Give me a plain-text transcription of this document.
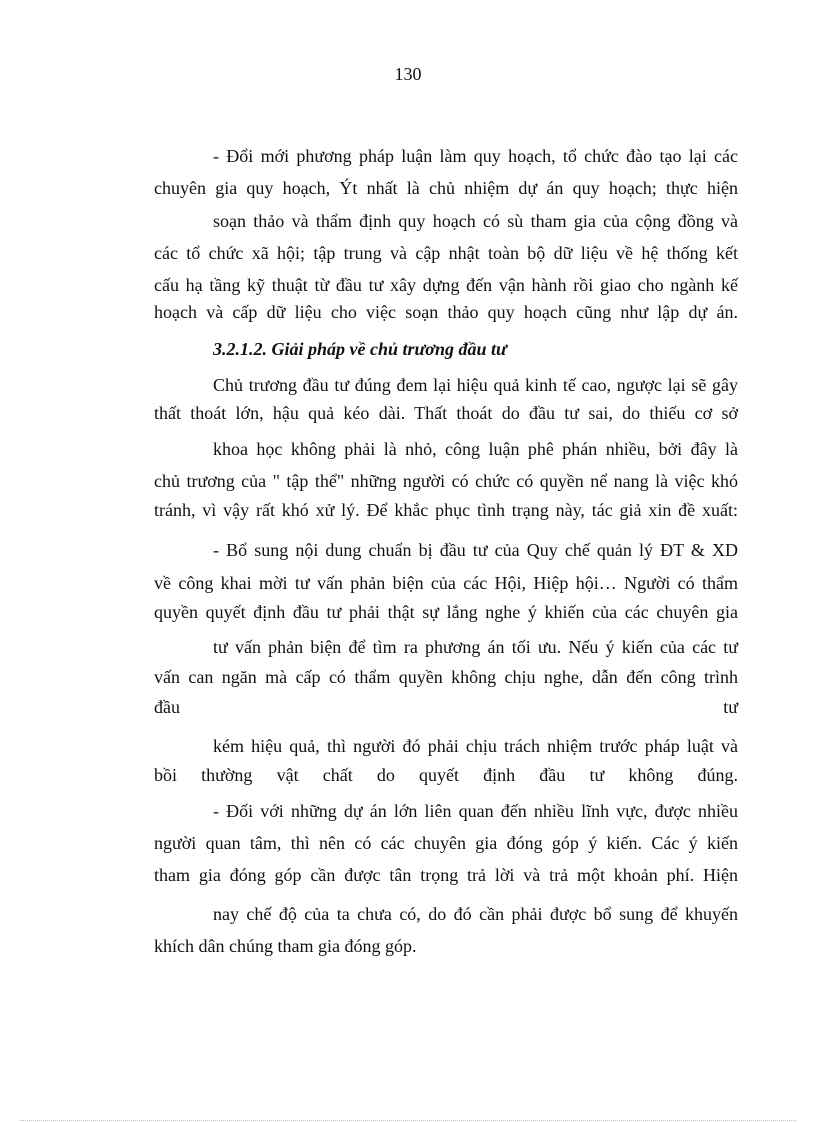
130
- Đổi mới phương pháp luận làm quy hoạch, tổ chức đào tạo lại các
chuyên gia quy hoạch, Ýt nhất là chủ nhiệm dự án quy hoạch; thực hiện
soạn thảo và thẩm định quy hoạch có sù tham gia của cộng đồng và
các tổ chức xã hội; tập trung và cập nhật toàn bộ dữ liệu về hệ thống kết
cấu hạ tầng kỹ thuật từ đầu tư xây dựng đến vận hành rồi giao cho ngành kế
hoạch và cấp dữ liệu cho việc soạn thảo quy hoạch cũng như lập dự án.
3.2.1.2. Giải pháp về chủ trương đầu tư
Chủ trương đầu tư đúng đem lại hiệu quả kinh tế cao, ngược lại sẽ gây
thất thoát lớn, hậu quả kéo dài. Thất thoát do đầu tư sai, do thiếu cơ sở
khoa học không phải là nhỏ, công luận phê phán nhiều, bởi đây là
chủ trương của " tập thể" những người có chức có quyền nể nang là việc khó
tránh, vì vậy rất khó xử lý. Để khắc phục tình trạng này, tác giả xin đề xuất:
- Bổ sung nội dung chuẩn bị đầu tư của Quy chế quản lý ĐT & XD
về công khai mời tư vấn phản biện của các Hội, Hiệp hội… Người có thẩm
quyền quyết định đầu tư phải thật sự lắng nghe ý khiến của các chuyên gia
tư vấn phản biện để tìm ra phương án tối ưu. Nếu ý kiến của các tư
vấn can ngăn mà cấp có thẩm quyền không chịu nghe, dẫn đến công trình
đầu tư
kém hiệu quả, thì người đó phải chịu trách nhiệm trước pháp luật và
bồi thường vật chất do quyết định đầu tư không đúng.
- Đối với những dự án lớn liên quan đến nhiều lĩnh vực, được nhiều
người quan tâm, thì nên có các chuyên gia đóng góp ý kiến. Các ý kiến
tham gia đóng góp cần được tân trọng trả lời và trả một khoản phí. Hiện
nay chế độ của ta chưa có, do đó cần phải được bổ sung để khuyến
khích dân chúng tham gia đóng góp.
